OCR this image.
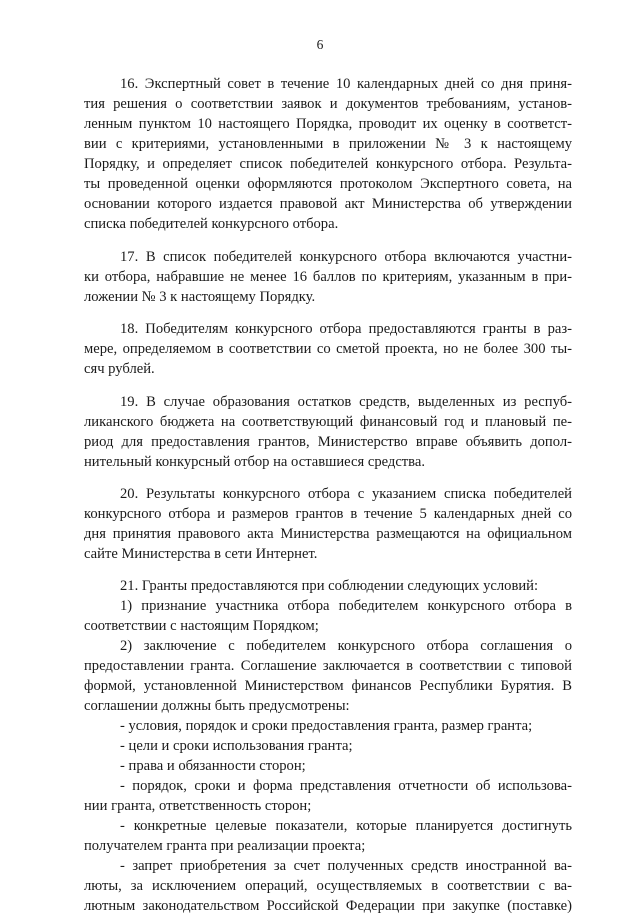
6
16. Экспертный совет в течение 10 календарных дней со дня приня-
тия решения о соответствии заявок и документов требованиям, установ-
ленным пунктом 10 настоящего Порядка, проводит их оценку в соответст-
вии с критериями, установленными в приложении № 3 к настоящему
Порядку, и определяет список победителей конкурсного отбора. Результа-
ты проведенной оценки оформляются протоколом Экспертного совета, на
основании которого издается правовой акт Министерства об утверждении
списка победителей конкурсного отбора.
17. В список победителей конкурсного отбора включаются участни-
ки отбора, набравшие не менее 16 баллов по критериям, указанным в при-
ложении № 3 к настоящему Порядку.
18. Победителям конкурсного отбора предоставляются гранты в раз-
мере, определяемом в соответствии со сметой проекта, но не более 300 ты-
сяч рублей.
19. В случае образования остатков средств, выделенных из респуб-
ликанского бюджета на соответствующий финансовый год и плановый пе-
риод для предоставления грантов, Министерство вправе объявить допол-
нительный конкурсный отбор на оставшиеся средства.
20. Результаты конкурсного отбора с указанием списка победителей
конкурсного отбора и размеров грантов в течение 5 календарных дней со
дня принятия правового акта Министерства размещаются на официальном
сайте Министерства в сети Интернет.
21. Гранты предоставляются при соблюдении следующих условий:
1) признание участника отбора победителем конкурсного отбора в
соответствии с настоящим Порядком;
2) заключение с победителем конкурсного отбора соглашения о
предоставлении гранта. Соглашение заключается в соответствии с типовой
формой, установленной Министерством финансов Республики Бурятия. В
соглашении должны быть предусмотрены:
- условия, порядок и сроки предоставления гранта, размер гранта;
- цели и сроки использования гранта;
- права и обязанности сторон;
- порядок, сроки и форма представления отчетности об использова-
нии гранта, ответственность сторон;
- конкретные целевые показатели, которые планируется достигнуть
получателем гранта при реализации проекта;
- запрет приобретения за счет полученных средств иностранной ва-
люты, за исключением операций, осуществляемых в соответствии с ва-
лютным законодательством Российской Федерации при закупке (поставке)
